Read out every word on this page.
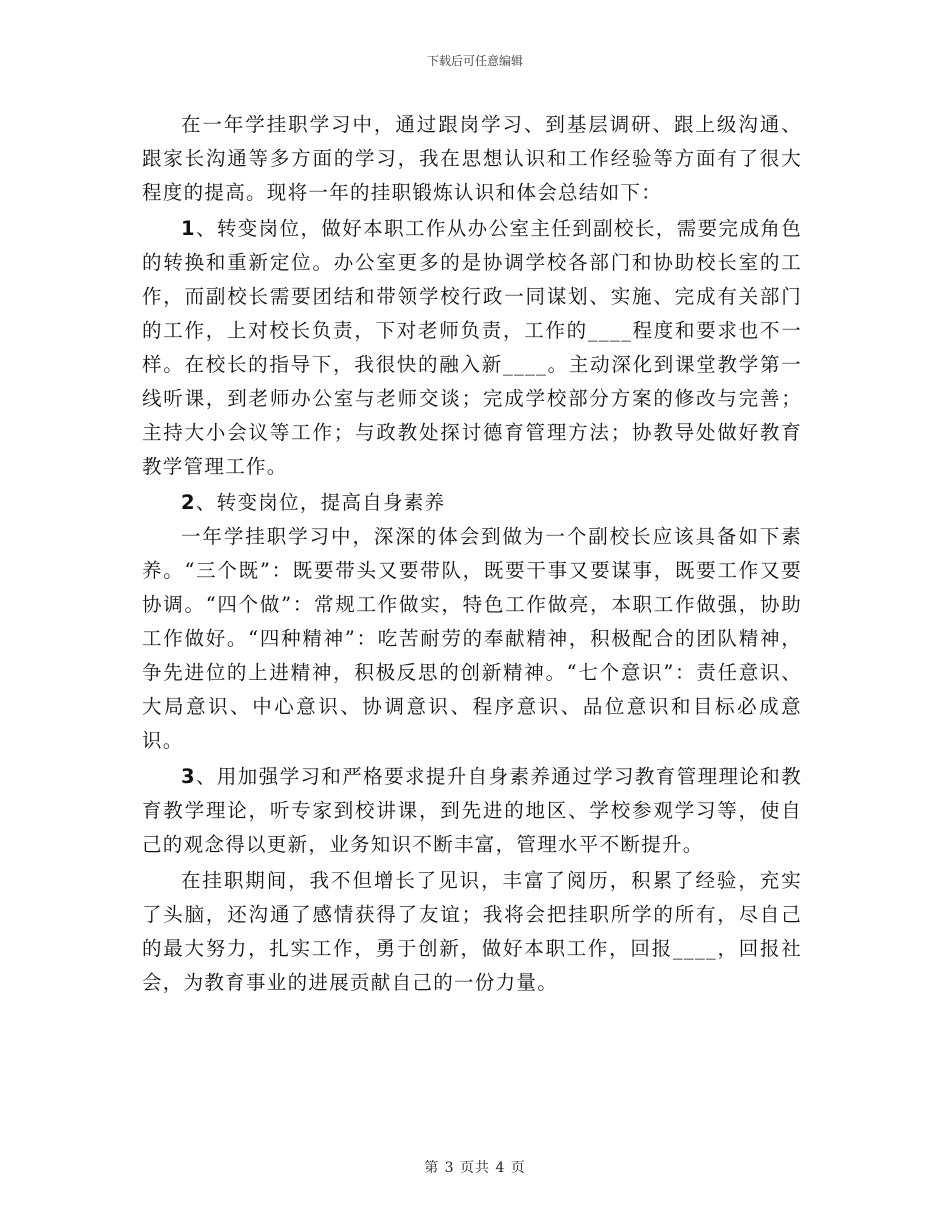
下载后可任意编辑

在一年学挂职学习中，通过跟岗学习、到基层调研、跟上级沟通、跟家长沟通等多方面的学习，我在思想认识和工作经验等方面有了很大程度的提高。现将一年的挂职锻炼认识和体会总结如下：

1、转变岗位，做好本职工作从办公室主任到副校长，需要完成角色的转换和重新定位。办公室更多的是协调学校各部门和协助校长室的工作，而副校长需要团结和带领学校行政一同谋划、实施、完成有关部门的工作，上对校长负责，下对老师负责，工作的____程度和要求也不一样。在校长的指导下，我很快的融入新____。主动深化到课堂教学第一线听课，到老师办公室与老师交谈；完成学校部分方案的修改与完善；主持大小会议等工作；与政教处探讨德育管理方法；协教导处做好教育教学管理工作。

2、转变岗位，提高自身素养

一年学挂职学习中，深深的体会到做为一个副校长应该具备如下素养。“三个既”：既要带头又要带队，既要干事又要谋事，既要工作又要协调。“四个做”：常规工作做实，特色工作做亮，本职工作做强，协助工作做好。“四种精神”：吃苦耐劳的奉献精神，积极配合的团队精神，争先进位的上进精神，积极反思的创新精神。“七个意识”：责任意识、大局意识、中心意识、协调意识、程序意识、品位意识和目标必成意识。

3、用加强学习和严格要求提升自身素养通过学习教育管理理论和教育教学理论，听专家到校讲课，到先进的地区、学校参观学习等，使自己的观念得以更新，业务知识不断丰富，管理水平不断提升。

在挂职期间，我不但增长了见识，丰富了阅历，积累了经验，充实了头脑，还沟通了感情获得了友谊；我将会把挂职所学的所有，尽自己的最大努力，扎实工作，勇于创新，做好本职工作，回报____，回报社会，为教育事业的进展贡献自己的一份力量。

第 3 页共 4 页
